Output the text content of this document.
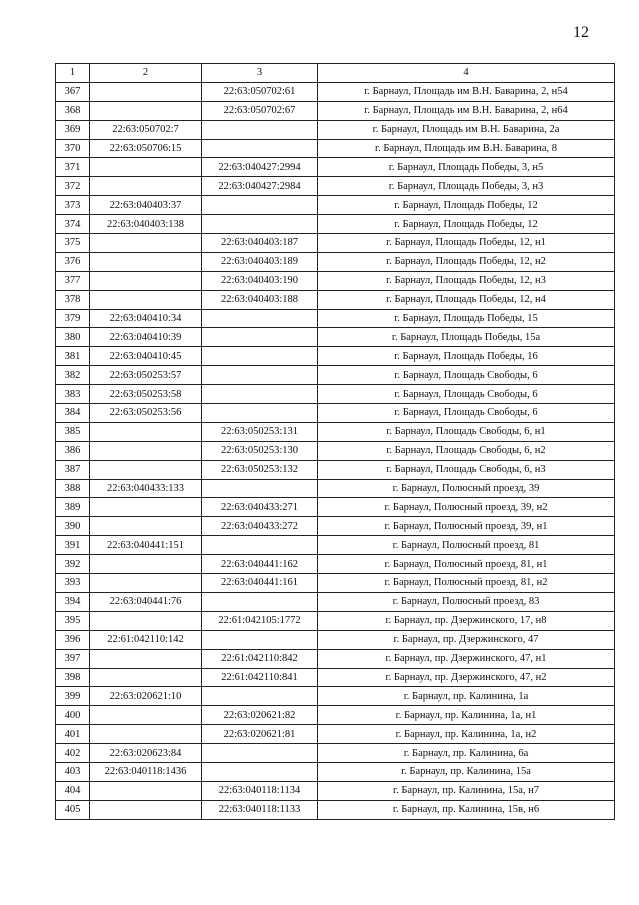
12
1	2	3	4
367		22:63:050702:61	г. Барнаул, Площадь им В.Н. Баварина, 2, н54
368		22:63:050702:67	г. Барнаул, Площадь им В.Н. Баварина, 2, н64
369	22:63:050702:7		г. Барнаул, Площадь им В.Н. Баварина, 2а
370	22:63:050706:15		г. Барнаул, Площадь им В.Н. Баварина, 8
371		22:63:040427:2994	г. Барнаул, Площадь Победы, 3, н5
372		22:63:040427:2984	г. Барнаул, Площадь Победы, 3, н3
373	22:63:040403:37		г. Барнаул, Площадь Победы, 12
374	22:63:040403:138		г. Барнаул, Площадь Победы, 12
375		22:63:040403:187	г. Барнаул, Площадь Победы, 12, н1
376		22:63:040403:189	г. Барнаул, Площадь Победы, 12, н2
377		22:63:040403:190	г. Барнаул, Площадь Победы, 12, н3
378		22:63:040403:188	г. Барнаул, Площадь Победы, 12, н4
379	22:63:040410:34		г. Барнаул, Площадь Победы, 15
380	22:63:040410:39		г. Барнаул, Площадь Победы, 15а
381	22:63:040410:45		г. Барнаул, Площадь Победы, 16
382	22:63:050253:57		г. Барнаул, Площадь Свободы, 6
383	22:63:050253:58		г. Барнаул, Площадь Свободы, 6
384	22:63:050253:56		г. Барнаул, Площадь Свободы, 6
385		22:63:050253:131	г. Барнаул, Площадь Свободы, 6, н1
386		22:63:050253:130	г. Барнаул, Площадь Свободы, 6, н2
387		22:63:050253:132	г. Барнаул, Площадь Свободы, 6, н3
388	22:63:040433:133		г. Барнаул, Полюсный проезд, 39
389		22:63:040433:271	г. Барнаул, Полюсный проезд, 39, н2
390		22:63:040433:272	г. Барнаул, Полюсный проезд, 39, н1
391	22:63:040441:151		г. Барнаул, Полюсный проезд, 81
392		22:63:040441:162	г. Барнаул, Полюсный проезд, 81, н1
393		22:63:040441:161	г. Барнаул, Полюсный проезд, 81, н2
394	22:63:040441:76		г. Барнаул, Полюсный проезд, 83
395		22:61:042105:1772	г. Барнаул, пр. Дзержинского, 17, н8
396	22:61:042110:142		г. Барнаул, пр. Дзержинского, 47
397		22:61:042110:842	г. Барнаул, пр. Дзержинского, 47, н1
398		22:61:042110:841	г. Барнаул, пр. Дзержинского, 47, н2
399	22:63:020621:10		г. Барнаул, пр. Калинина, 1а
400		22:63:020621:82	г. Барнаул, пр. Калинина, 1а, н1
401		22:63:020621:81	г. Барнаул, пр. Калинина, 1а, н2
402	22:63:020623:84		г. Барнаул, пр. Калинина, 6а
403	22:63:040118:1436		г. Барнаул, пр. Калинина, 15а
404		22:63:040118:1134	г. Барнаул, пр. Калинина, 15а, н7
405		22:63:040118:1133	г. Барнаул, пр. Калинина, 15в, н6
